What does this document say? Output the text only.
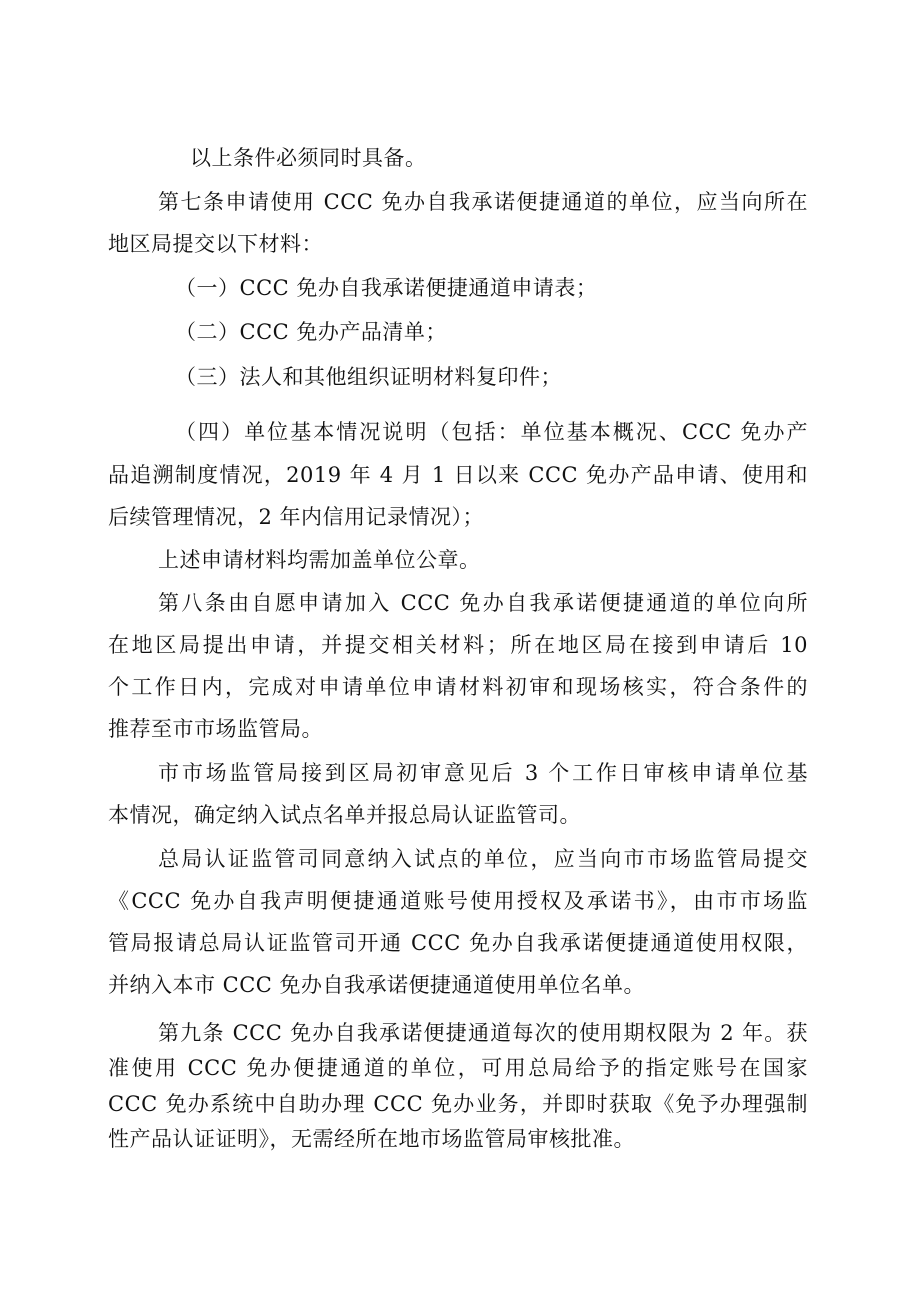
以上条件必须同时具备。
第七条申请使用 CCC 免办自我承诺便捷通道的单位，应当向所在
地区局提交以下材料：
（一）CCC 免办自我承诺便捷通道申请表；
（二）CCC 免办产品清单；
（三）法人和其他组织证明材料复印件；
（四）单位基本情况说明（包括：单位基本概况、CCC 免办产
品追溯制度情况，2019 年 4 月 1 日以来 CCC 免办产品申请、使用和
后续管理情况，2 年内信用记录情况）；
上述申请材料均需加盖单位公章。
第八条由自愿申请加入 CCC 免办自我承诺便捷通道的单位向所
在地区局提出申请，并提交相关材料；所在地区局在接到申请后 10
个工作日内，完成对申请单位申请材料初审和现场核实，符合条件的
推荐至市市场监管局。
市市场监管局接到区局初审意见后 3 个工作日审核申请单位基
本情况，确定纳入试点名单并报总局认证监管司。
总局认证监管司同意纳入试点的单位，应当向市市场监管局提交
《CCC 免办自我声明便捷通道账号使用授权及承诺书》，由市市场监
管局报请总局认证监管司开通 CCC 免办自我承诺便捷通道使用权限，
并纳入本市 CCC 免办自我承诺便捷通道使用单位名单。
第九条 CCC 免办自我承诺便捷通道每次的使用期权限为 2 年。获
准使用 CCC 免办便捷通道的单位，可用总局给予的指定账号在国家
CCC 免办系统中自助办理 CCC 免办业务，并即时获取《免予办理强制
性产品认证证明》，无需经所在地市场监管局审核批准。
